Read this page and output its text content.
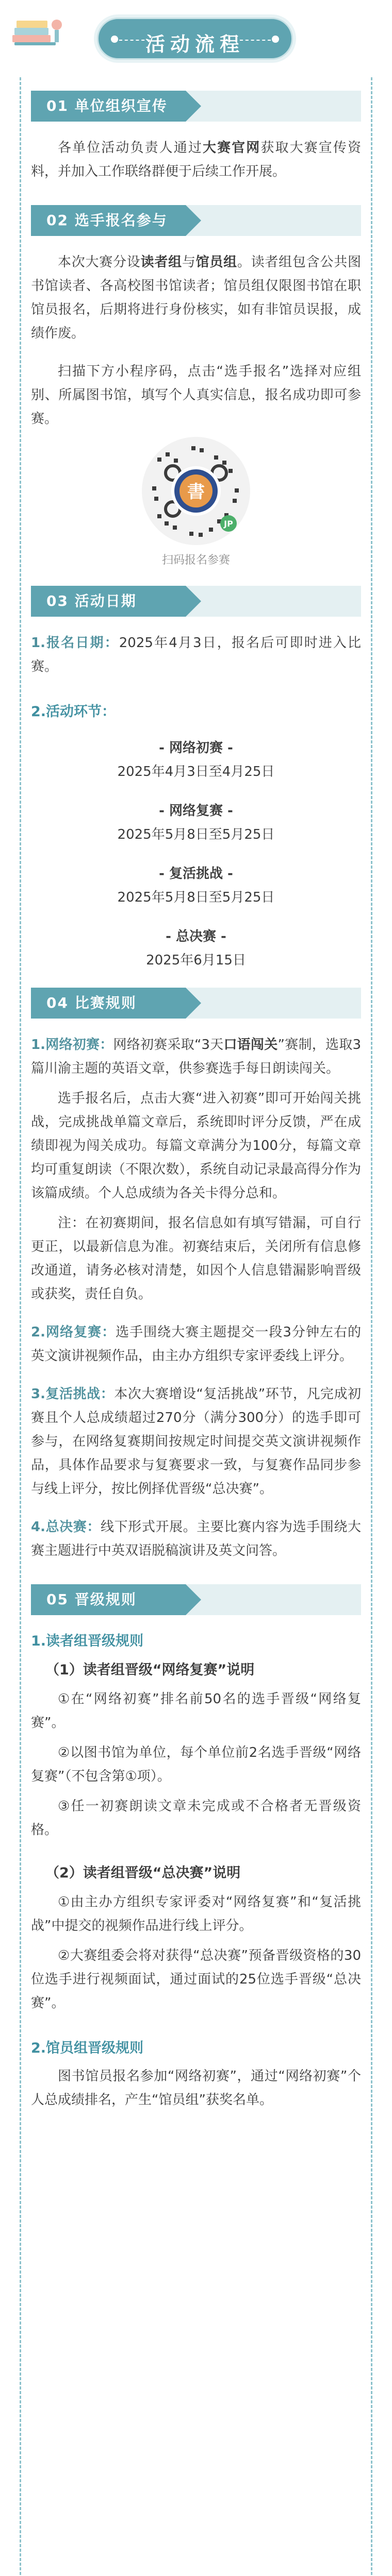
活动流程
01 单位组织宣传

各单位活动负责人通过大赛官网获取大赛宣传资料，并加入工作联络群便于后续工作开展。

02 选手报名参与

本次大赛分设读者组与馆员组。读者组包含公共图书馆读者、各高校图书馆读者；馆员组仅限图书馆在职馆员报名，后期将进行身份核实，如有非馆员误报，成绩作废。

扫描下方小程序码，点击“选手报名”选择对应组别、所属图书馆，填写个人真实信息，报名成功即可参赛。

書
JP
扫码报名参赛
03 活动日期

1.报名日期：2025年4月3日，报名后可即时进入比赛。

2.活动环节：
- 网络初赛 -
2025年4月3日至4月25日
- 网络复赛 -
2025年5月8日至5月25日
- 复活挑战 -
2025年5月8日至5月25日
- 总决赛 -
2025年6月15日
04 比赛规则

1.网络初赛：网络初赛采取“3天口语闯关”赛制，选取3篇川渝主题的英语文章，供参赛选手每日朗读闯关。

选手报名后，点击大赛“进入初赛”即可开始闯关挑战，完成挑战单篇文章后，系统即时评分反馈，严在成绩即视为闯关成功。每篇文章满分为100分，每篇文章均可重复朗读（不限次数），系统自动记录最高得分作为该篇成绩。个人总成绩为各关卡得分总和。

注：在初赛期间，报名信息如有填写错漏，可自行更正，以最新信息为准。初赛结束后，关闭所有信息修改通道，请务必核对清楚，如因个人信息错漏影响晋级或获奖，责任自负。

2.网络复赛：选手围绕大赛主题提交一段3分钟左右的英文演讲视频作品，由主办方组织专家评委线上评分。

3.复活挑战：本次大赛增设“复活挑战”环节，凡完成初赛且个人总成绩超过270分（满分300分）的选手即可参与，在网络复赛期间按规定时间提交英文演讲视频作品，具体作品要求与复赛要求一致，与复赛作品同步参与线上评分，按比例择优晋级“总决赛”。

4.总决赛：线下形式开展。主要比赛内容为选手围绕大赛主题进行中英双语脱稿演讲及英文问答。

05 晋级规则
1.读者组晋级规则
（1）读者组晋级“网络复赛”说明

①在“网络初赛”排名前50名的选手晋级“网络复赛”。

②以图书馆为单位，每个单位前2名选手晋级“网络复赛”（不包含第①项）。

③任一初赛朗读文章未完成或不合格者无晋级资格。

（2）读者组晋级“总决赛”说明

①由主办方组织专家评委对“网络复赛”和“复活挑战”中提交的视频作品进行线上评分。

②大赛组委会将对获得“总决赛”预备晋级资格的30位选手进行视频面试，通过面试的25位选手晋级“总决赛”。

2.馆员组晋级规则

图书馆员报名参加“网络初赛”，通过“网络初赛”个人总成绩排名，产生“馆员组”获奖名单。
